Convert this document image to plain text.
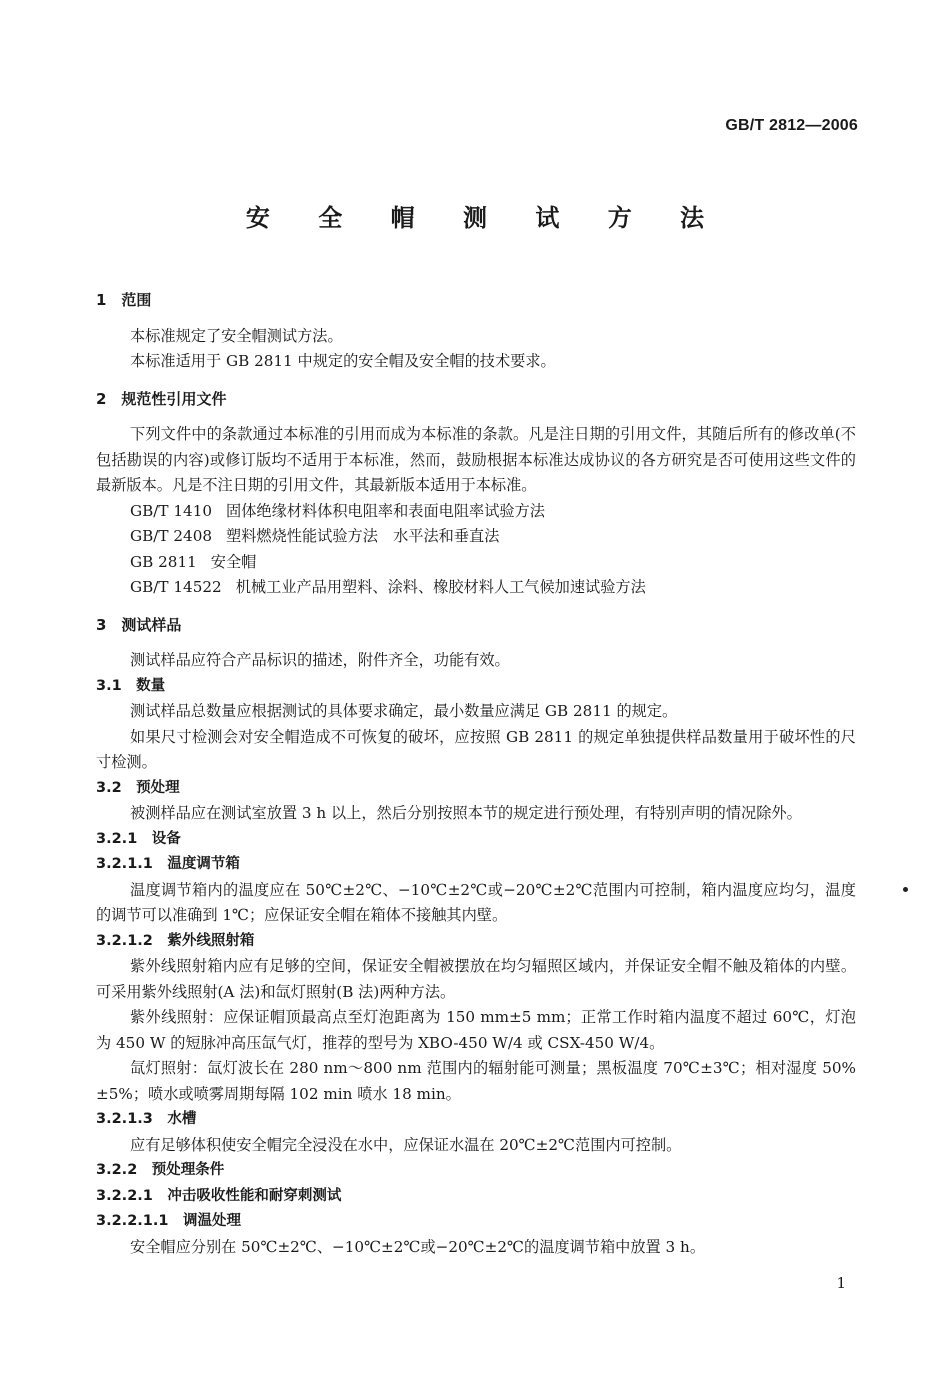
GB/T 2812—2006
安 全 帽 测 试 方 法
1　范围
本标准规定了安全帽测试方法。
本标准适用于 GB 2811 中规定的安全帽及安全帽的技术要求。
2　规范性引用文件
下列文件中的条款通过本标准的引用而成为本标准的条款。凡是注日期的引用文件，其随后所有的修改单(不包括勘误的内容)或修订版均不适用于本标准，然而，鼓励根据本标准达成协议的各方研究是否可使用这些文件的最新版本。凡是不注日期的引用文件，其最新版本适用于本标准。
GB/T 1410 固体绝缘材料体积电阻率和表面电阻率试验方法
GB/T 2408 塑料燃烧性能试验方法　水平法和垂直法
GB 2811 安全帽
GB/T 14522 机械工业产品用塑料、涂料、橡胶材料人工气候加速试验方法
3　测试样品
测试样品应符合产品标识的描述，附件齐全，功能有效。
3.1　数量
测试样品总数量应根据测试的具体要求确定，最小数量应满足 GB 2811 的规定。
如果尺寸检测会对安全帽造成不可恢复的破坏，应按照 GB 2811 的规定单独提供样品数量用于破坏性的尺寸检测。
3.2　预处理
被测样品应在测试室放置 3 h 以上，然后分别按照本节的规定进行预处理，有特别声明的情况除外。
3.2.1　设备
3.2.1.1　温度调节箱
温度调节箱内的温度应在 50℃±2℃、−10℃±2℃或−20℃±2℃范围内可控制，箱内温度应均匀，温度的调节可以准确到 1℃；应保证安全帽在箱体不接触其内壁。
3.2.1.2　紫外线照射箱
紫外线照射箱内应有足够的空间，保证安全帽被摆放在均匀辐照区域内，并保证安全帽不触及箱体的内壁。可采用紫外线照射(A 法)和氙灯照射(B 法)两种方法。
紫外线照射：应保证帽顶最高点至灯泡距离为 150 mm±5 mm；正常工作时箱内温度不超过 60℃，灯泡为 450 W 的短脉冲高压氙气灯，推荐的型号为 XBO-450 W/4 或 CSX-450 W/4。
氙灯照射：氙灯波长在 280 nm～800 nm 范围内的辐射能可测量；黑板温度 70℃±3℃；相对湿度 50%±5%；喷水或喷雾周期每隔 102 min 喷水 18 min。
3.2.1.3　水槽
应有足够体积使安全帽完全浸没在水中，应保证水温在 20℃±2℃范围内可控制。
3.2.2　预处理条件
3.2.2.1　冲击吸收性能和耐穿刺测试
3.2.2.1.1　调温处理
安全帽应分别在 50℃±2℃、−10℃±2℃或−20℃±2℃的温度调节箱中放置 3 h。
1
